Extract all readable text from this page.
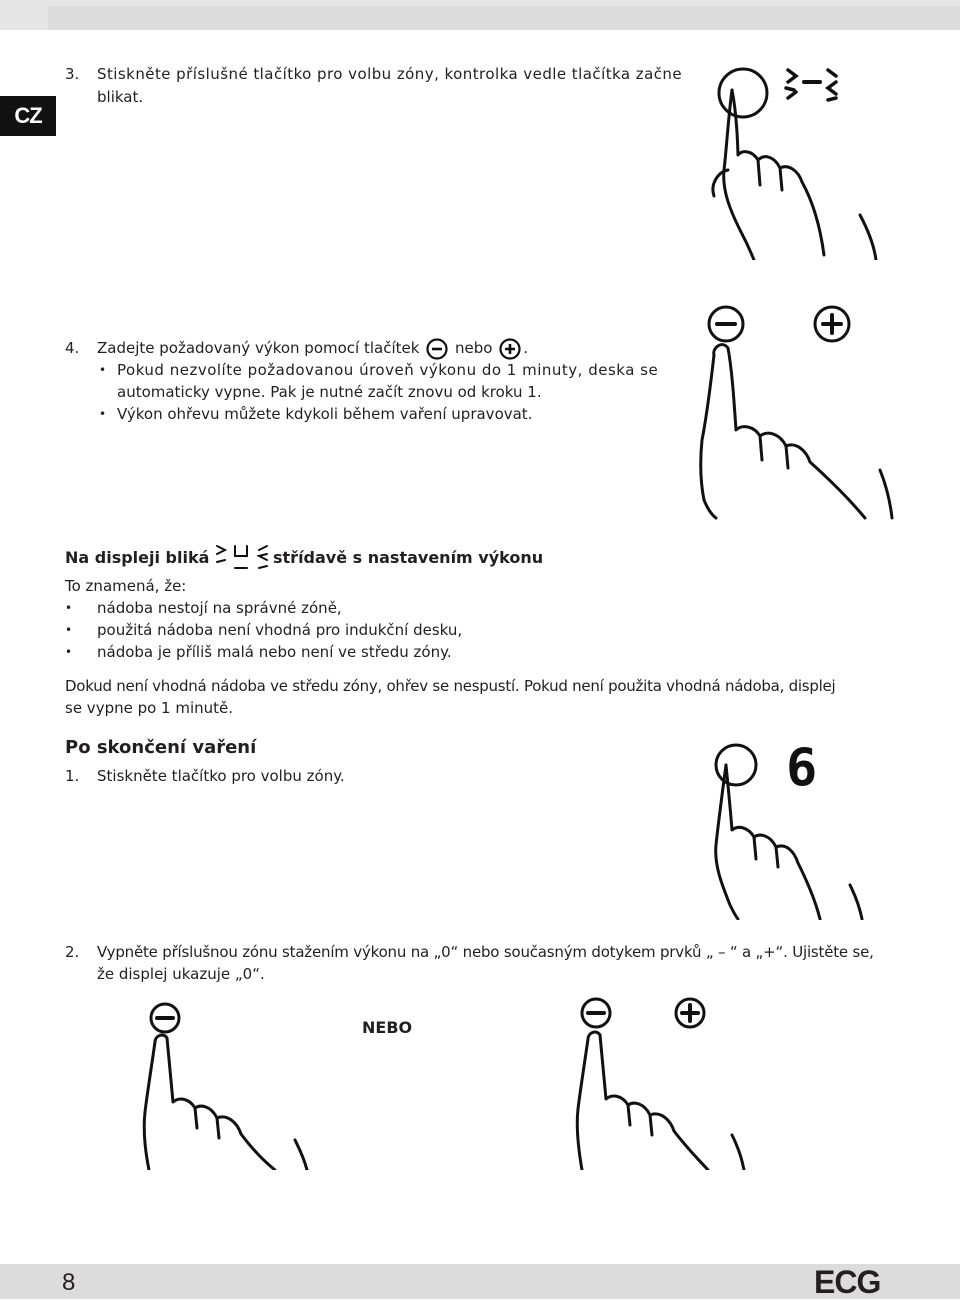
CZ
3. Stiskněte příslušné tlačítko pro volbu zóny, kontrolka vedle tlačítka začne
blikat.
4. Zadejte požadovaný výkon pomocí tlačítek nebo .
• Pokud nezvolíte požadovanou úroveň výkonu do 1 minuty, deska se
automaticky vypne. Pak je nutné začít znovu od kroku 1.
• Výkon ohřevu můžete kdykoli během vaření upravovat.
Na displeji bliká	střídavě s nastavením výkonu
To znamená, že:
• nádoba nestojí na správné zóně,
• použitá nádoba není vhodná pro indukční desku,
• nádoba je příliš malá nebo není ve středu zóny.
Dokud není vhodná nádoba ve středu zóny, ohřev se nespustí. Pokud není použita vhodná nádoba, displej
se vypne po 1 minutě.
Po skončení vaření
1. Stiskněte tlačítko pro volbu zóny.	6
2. Vypněte příslušnou zónu stažením výkonu na „0“ nebo současným dotykem prvků „ – “ a „+“. Ujistěte se,
že displej ukazuje „0“.
NEBO
8	ECG
